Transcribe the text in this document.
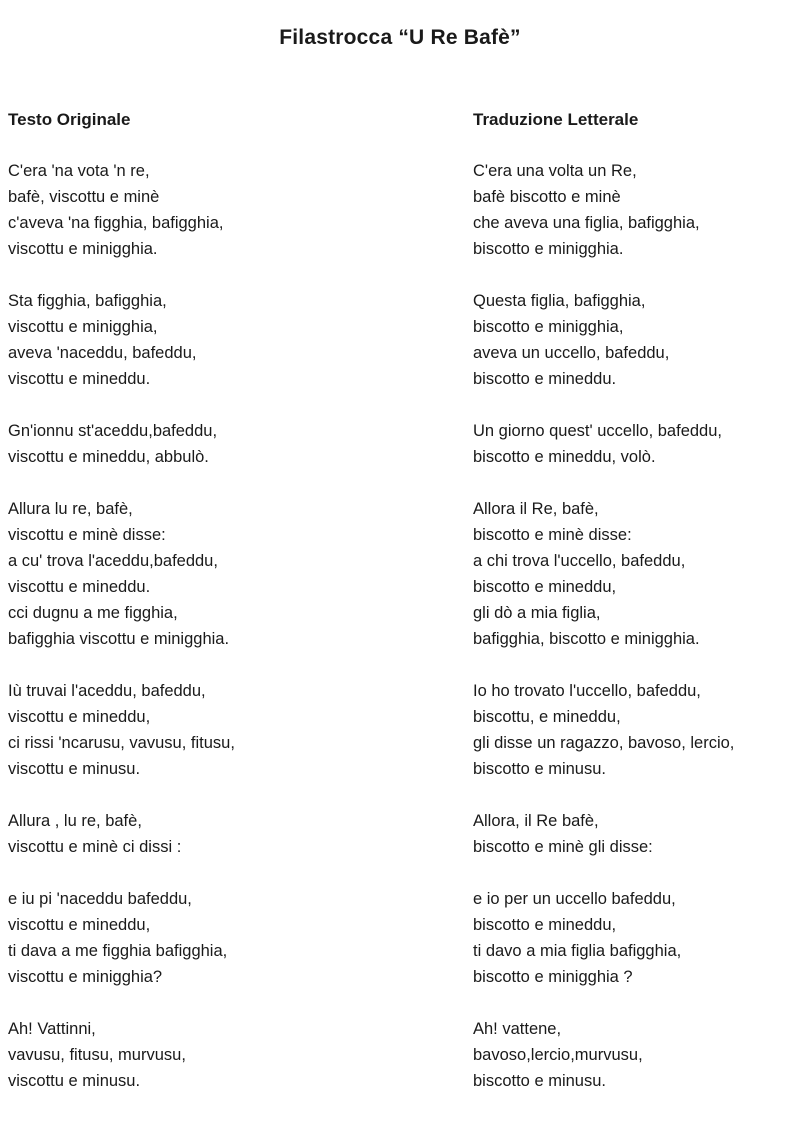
Filastrocca “U Re Bafè”
Testo Originale
C'era 'na vota 'n re,
bafè, viscottu e minè
c'aveva 'na figghia, bafigghia,
viscottu e minigghia.
Sta figghia, bafigghia,
viscottu e minigghia,
aveva 'naceddu, bafeddu,
viscottu e mineddu.
Gn'ionnu st'aceddu,bafeddu,
viscottu e mineddu, abbulò.
Allura lu re, bafè,
viscottu e minè disse:
a cu' trova l'aceddu,bafeddu,
viscottu e mineddu.
cci dugnu a me figghia,
bafigghia viscottu e minigghia.
Iù truvai l'aceddu, bafeddu,
viscottu e mineddu,
ci rissi 'ncarusu, vavusu, fitusu,
viscottu e minusu.
Allura , lu re, bafè,
viscottu e minè ci dissi :
e iu pi 'naceddu bafeddu,
viscottu e mineddu,
ti dava a me figghia bafigghia,
viscottu e minigghia?
Ah! Vattinni,
vavusu, fitusu, murvusu,
viscottu e minusu.
Traduzione Letterale
C'era una volta un Re,
bafè biscotto e minè
che aveva una figlia, bafigghia,
biscotto e minigghia.
Questa figlia, bafigghia,
biscotto e minigghia,
aveva un uccello, bafeddu,
biscotto e mineddu.
Un giorno quest' uccello, bafeddu,
biscotto e mineddu, volò.
Allora il Re, bafè,
biscotto e minè disse:
a chi trova l'uccello, bafeddu,
biscotto e mineddu,
gli dò a mia figlia,
bafigghia, biscotto e minigghia.
Io ho trovato l'uccello, bafeddu,
biscottu, e mineddu,
gli disse un ragazzo, bavoso, lercio,
biscotto e minusu.
Allora, il Re bafè,
biscotto e minè gli disse:
e io per un uccello bafeddu,
biscotto e mineddu,
ti davo a mia figlia bafigghia,
biscotto e minigghia ?
Ah! vattene,
bavoso,lercio,murvusu,
biscotto e minusu.
